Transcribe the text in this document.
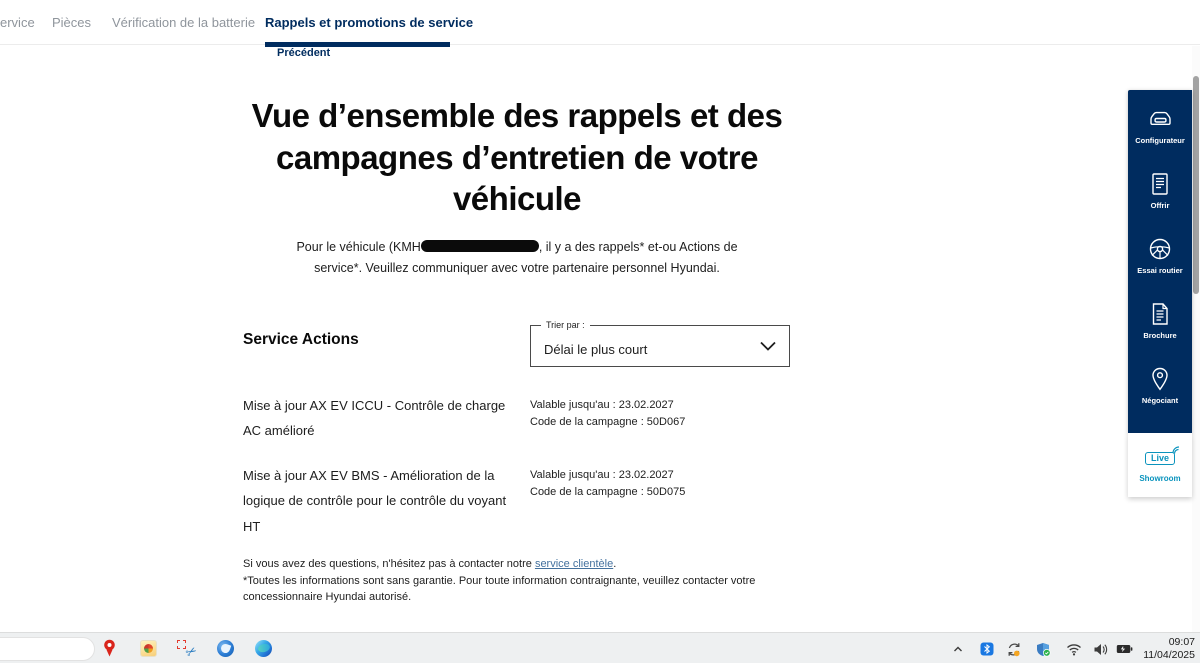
ervice Pièces Vérification de la batterie Rappels et promotions de service
Précédent
Vue d’ensemble des rappels et des campagnes d’entretien de votre véhicule

Pour le véhicule (KMH	, il y a des rappels* et-ou Actions de service*. Veuillez communiquer avec votre partenaire personnel Hyundai.

Service Actions
Trier par :
Délai le plus court
Mise à jour AX EV ICCU - Contrôle de charge AC amélioré
Valable jusqu'au : 23.02.2027
Code de la campagne : 50D067
Mise à jour AX EV BMS - Amélioration de la logique de contrôle pour le contrôle du voyant HT
Valable jusqu'au : 23.02.2027
Code de la campagne : 50D075
Si vous avez des questions, n'hésitez pas à contacter notre service clientèle.
*Toutes les informations sont sans garantie. Pour toute information contraignante, veuillez contacter votre concessionnaire Hyundai autorisé.
Configurateur
Offrir
Essai routier
Brochure
Négociant
Live
Showroom
✂
09:07
11/04/2025
